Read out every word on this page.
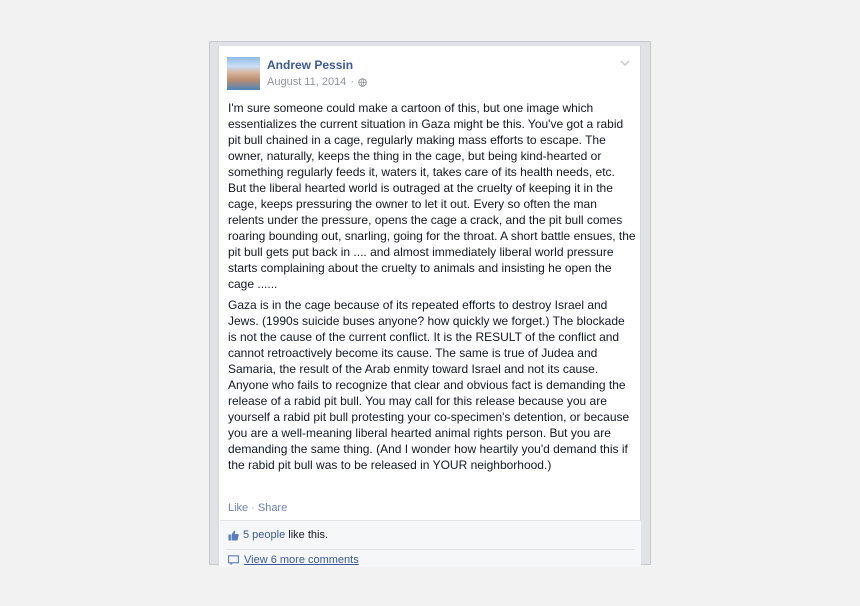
Andrew Pessin
August 11, 2014 ·

I'm sure someone could make a cartoon of this, but one image which essentializes the current situation in Gaza might be this. You've got a rabid pit bull chained in a cage, regularly making mass efforts to escape. The owner, naturally, keeps the thing in the cage, but being kind-hearted or something regularly feeds it, waters it, takes care of its health needs, etc. But the liberal hearted world is outraged at the cruelty of keeping it in the cage, keeps pressuring the owner to let it out. Every so often the man relents under the pressure, opens the cage a crack, and the pit bull comes roaring bounding out, snarling, going for the throat. A short battle ensues, the pit bull gets put back in .... and almost immediately liberal world pressure starts complaining about the cruelty to animals and insisting he open the cage ......

Gaza is in the cage because of its repeated efforts to destroy Israel and Jews. (1990s suicide buses anyone? how quickly we forget.) The blockade is not the cause of the current conflict. It is the RESULT of the conflict and cannot retroactively become its cause. The same is true of Judea and Samaria, the result of the Arab enmity toward Israel and not its cause. Anyone who fails to recognize that clear and obvious fact is demanding the release of a rabid pit bull. You may call for this release because you are yourself a rabid pit bull protesting your co-specimen's detention, or because you are a well-meaning liberal hearted animal rights person. But you are demanding the same thing. (And I wonder how heartily you'd demand this if the rabid pit bull was to be released in YOUR neighborhood.)

Like · Share
5 people like this.
View 6 more comments
